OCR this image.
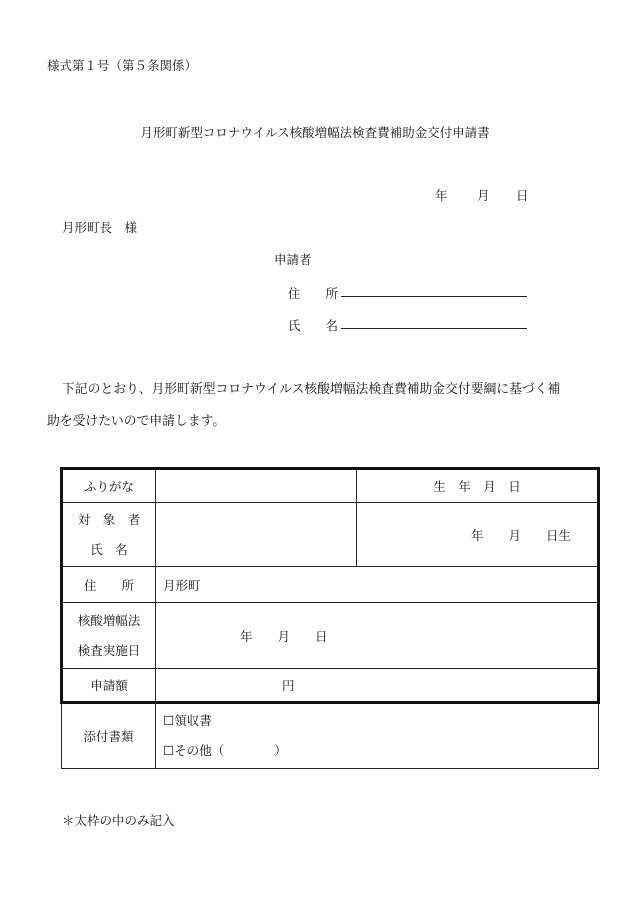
様式第１号（第５条関係）
月形町新型コロナウイルス核酸増幅法検査費補助金交付申請書
年 月 日
月形町長　様
申請者
住　　所
氏　　名
下記のとおり、月形町新型コロナウイルス核酸増幅法検査費補助金交付要綱に基づく補
助を受けたいので申請します。
ふりがな		生　年　月　日

対　象　者
氏　名		年　　月　　日生
住　　所	月形町	

核酸増幅法
検査実施日	年　　月　　日	
申請額	円	
添付書類	☐領収書
☐その他（　　　　）	
＊太枠の中のみ記入
